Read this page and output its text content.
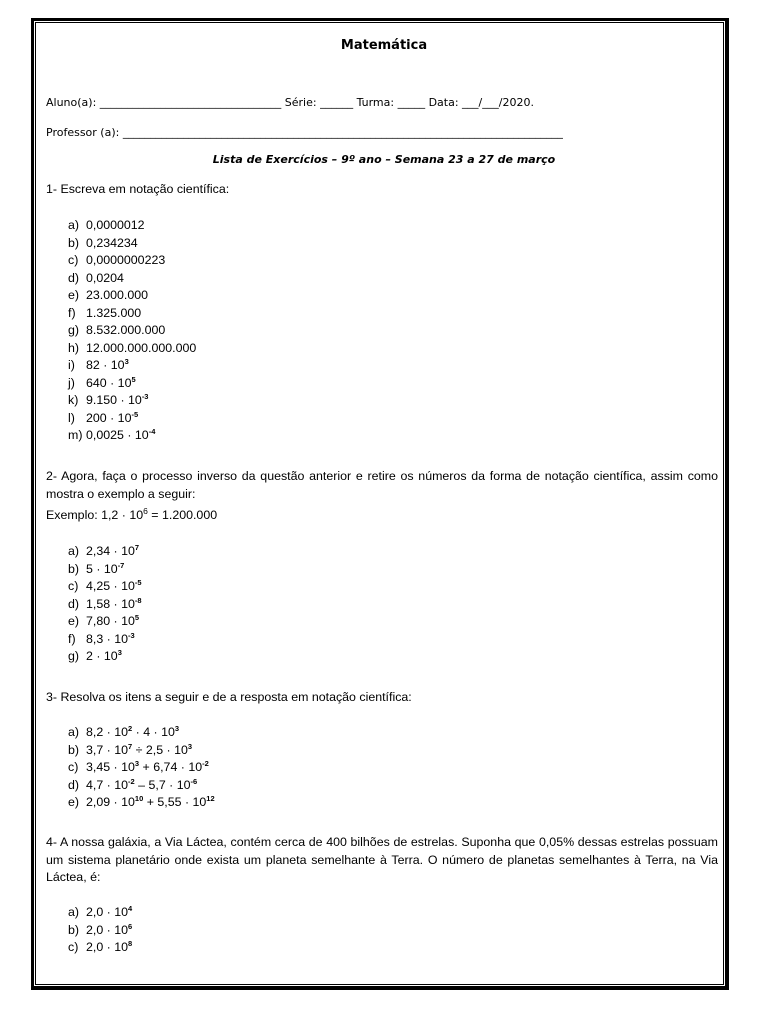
Matemática
Aluno(a): _________________________________ Série: ______ Turma: _____ Data: ___/___/2020.
Professor (a): ________________________________________________________________________________
Lista de Exercícios – 9º ano – Semana 23 a 27 de março
1- Escreva em notação científica:
a) 0,0000012
b) 0,234234
c) 0,0000000223
d) 0,0204
e) 23.000.000
f) 1.325.000
g) 8.532.000.000
h) 12.000.000.000.000
i) $82 \cdot 10^3$
j) $640 \cdot 10^5$
k) $9.150 \cdot 10^{-3}$
l) $200 \cdot 10^{-5}$
m) $0,0025 \cdot 10^{-4}$
2- Agora, faça o processo inverso da questão anterior e retire os números da forma de notação científica, assim como mostra o exemplo a seguir:
Exemplo: $1,2 \cdot 10^6 = 1.200.000$
a) $2,34 \cdot 10^7$
b) $5 \cdot 10^{-7}$
c) $4,25 \cdot 10^{-5}$
d) $1,58 \cdot 10^{-8}$
e) $7,80 \cdot 10^5$
f) $8,3 \cdot 10^{-3}$
g) $2 \cdot 10^3$
3- Resolva os itens a seguir e de a resposta em notação científica:
a) $8,2 \cdot 10^2 \cdot 4 \cdot 10^3$
b) $3,7 \cdot 10^7 \div 2,5 \cdot 10^3$
c) $3,45 \cdot 10^3 + 6,74 \cdot 10^{-2}$
d) $4,7 \cdot 10^{-2} - 5,7 \cdot 10^{-6}$
e) $2,09 \cdot 10^{10} + 5,55 \cdot 10^{12}$
4- A nossa galáxia, a Via Láctea, contém cerca de 400 bilhões de estrelas. Suponha que 0,05% dessas estrelas possuam um sistema planetário onde exista um planeta semelhante à Terra. O número de planetas semelhantes à Terra, na Via Láctea, é:
a) $2,0 \cdot 10^4$
b) $2,0 \cdot 10^6$
c) $2,0 \cdot 10^8$
